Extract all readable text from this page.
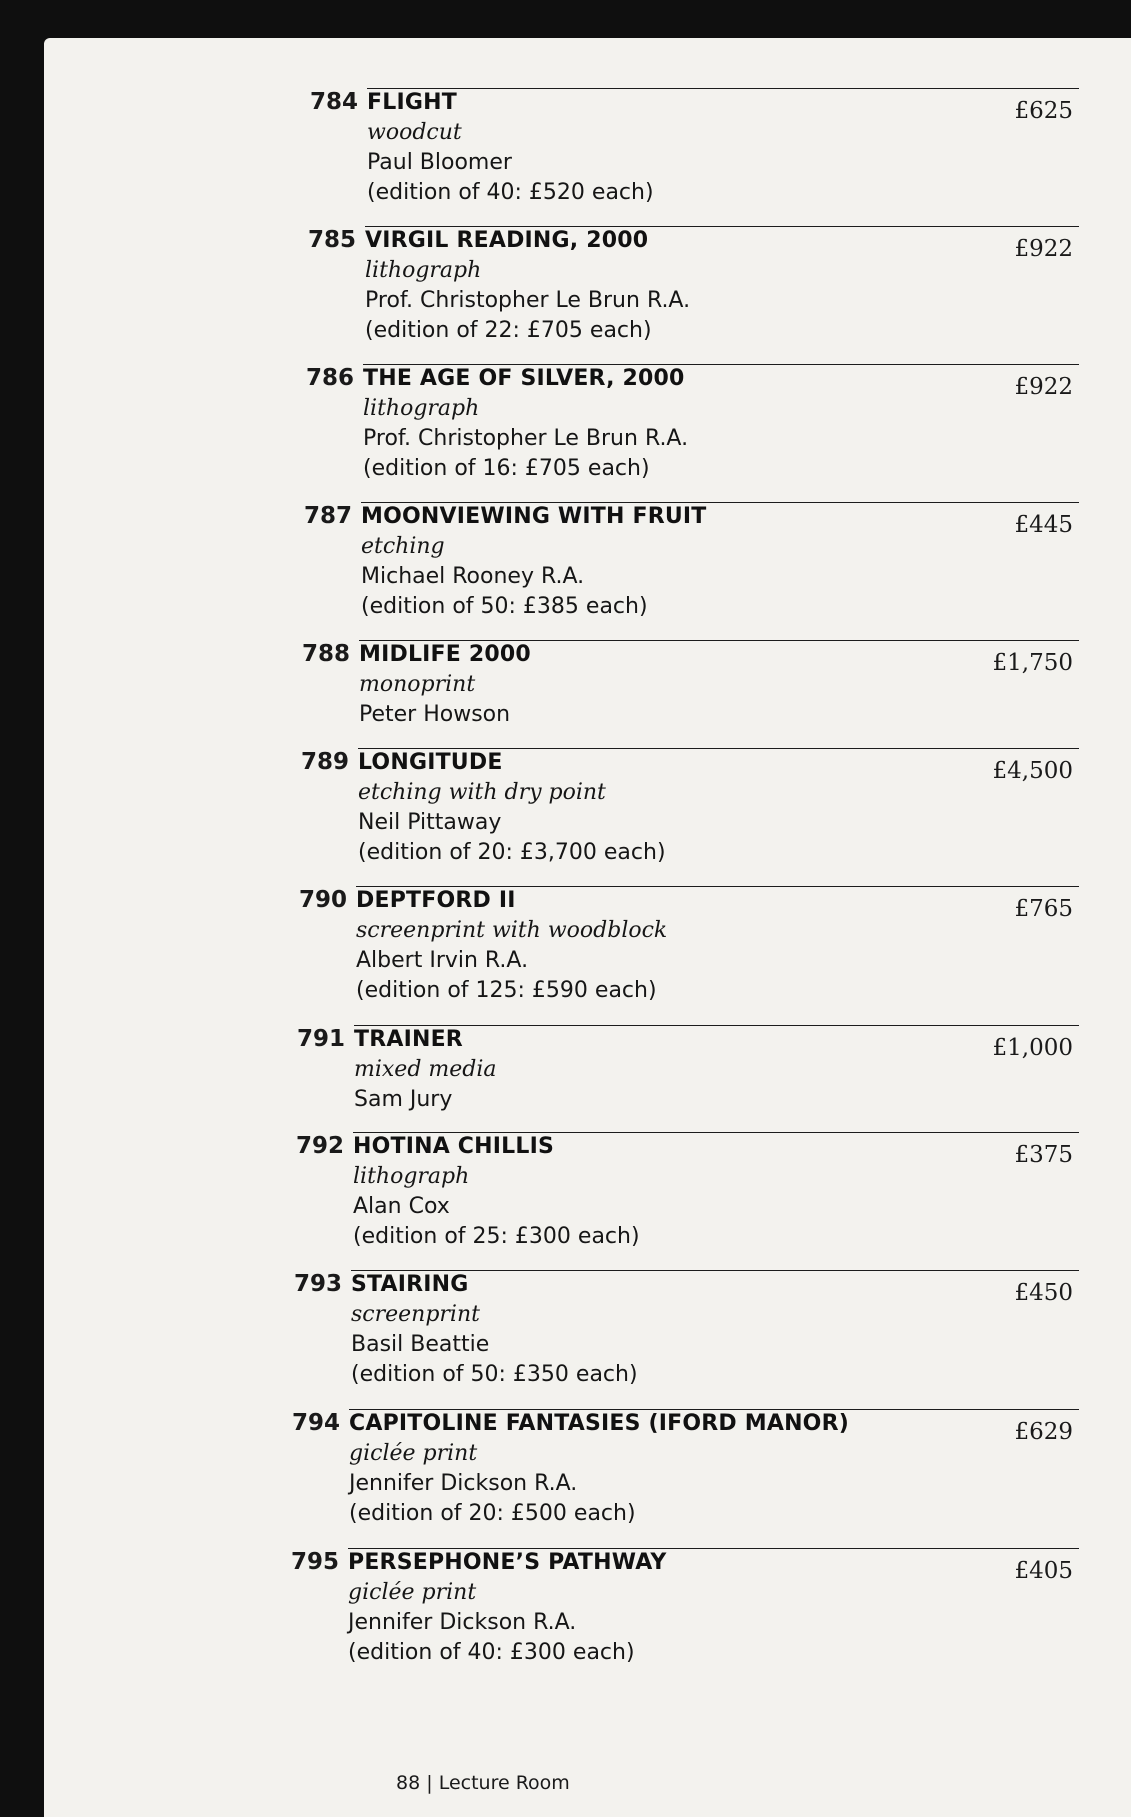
784 FLIGHT
woodcut
Paul Bloomer
(edition of 40: £520 each)
£625
785 VIRGIL READING, 2000
lithograph
Prof. Christopher Le Brun R.A.
(edition of 22: £705 each)
£922
786 THE AGE OF SILVER, 2000
lithograph
Prof. Christopher Le Brun R.A.
(edition of 16: £705 each)
£922
787 MOONVIEWING WITH FRUIT
etching
Michael Rooney R.A.
(edition of 50: £385 each)
£445
788 MIDLIFE 2000
monoprint
Peter Howson
£1,750
789 LONGITUDE
etching with dry point
Neil Pittaway
(edition of 20: £3,700 each)
£4,500
790 DEPTFORD II
screenprint with woodblock
Albert Irvin R.A.
(edition of 125: £590 each)
£765
791 TRAINER
mixed media
Sam Jury
£1,000
792 HOTINA CHILLIS
lithograph
Alan Cox
(edition of 25: £300 each)
£375
793 STAIRING
screenprint
Basil Beattie
(edition of 50: £350 each)
£450
794 CAPITOLINE FANTASIES (IFORD MANOR)
giclée print
Jennifer Dickson R.A.
(edition of 20: £500 each)
£629
795 PERSEPHONE’S PATHWAY
giclée print
Jennifer Dickson R.A.
(edition of 40: £300 each)
£405
88 | Lecture Room
